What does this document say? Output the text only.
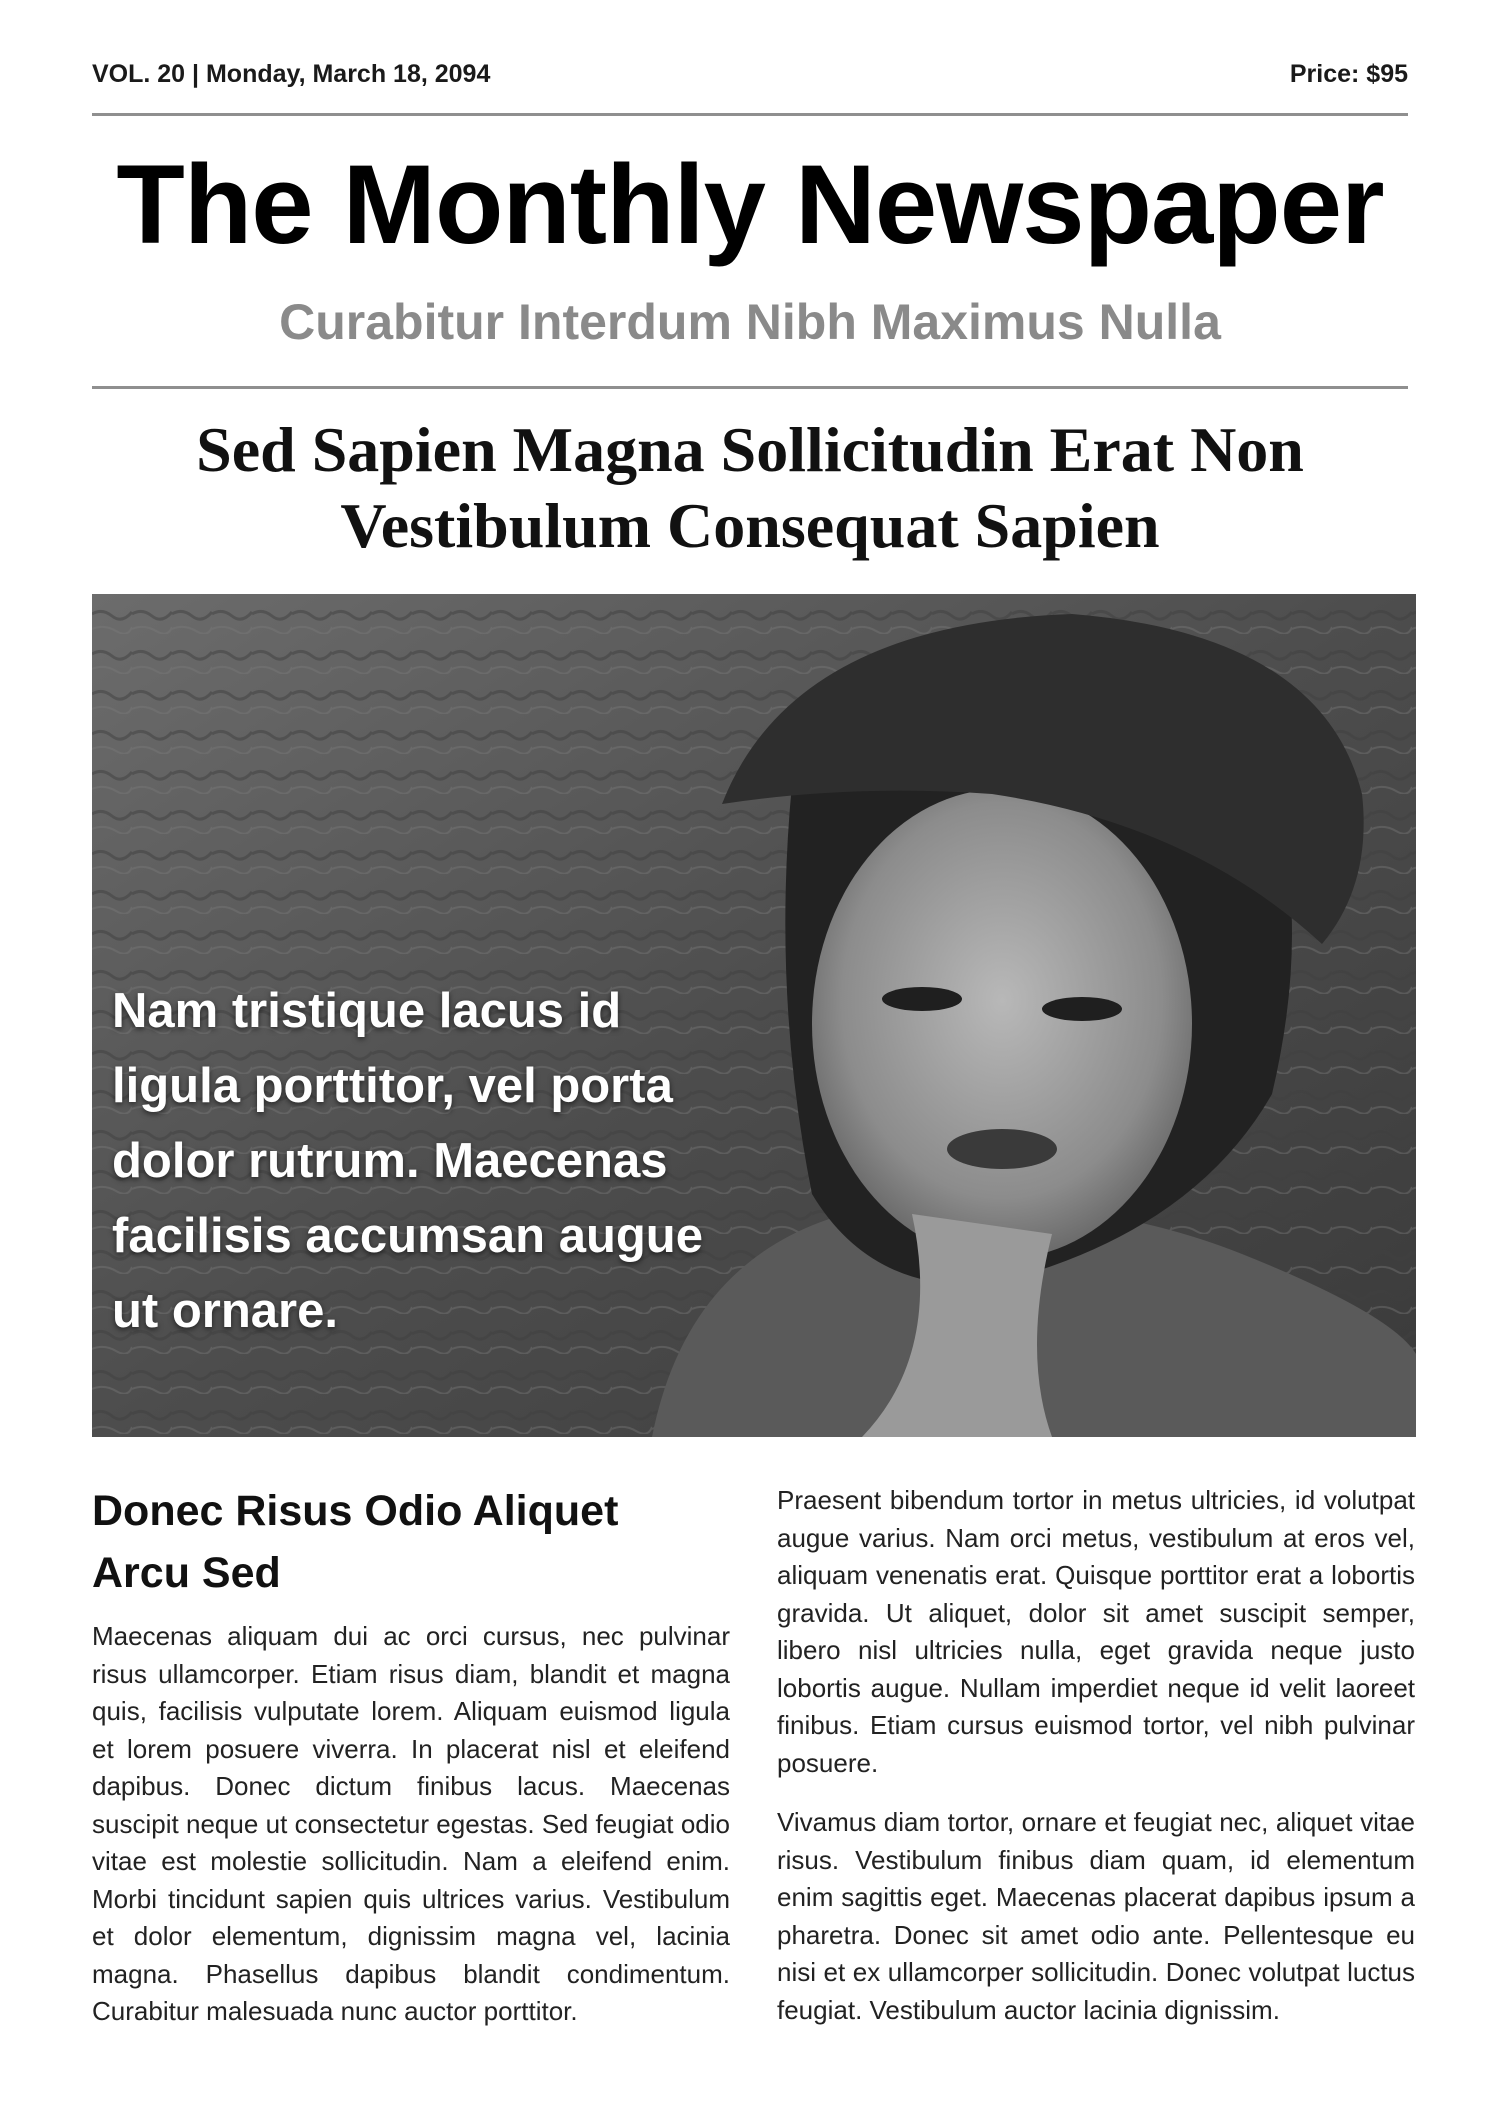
VOL. 20 | Monday, March 18, 2094	Price: $95
The Monthly Newspaper
Curabitur Interdum Nibh Maximus Nulla
Sed Sapien Magna Sollicitudin Erat Non Vestibulum Consequat Sapien
Nam tristique lacus id ligula porttitor, vel porta dolor rutrum. Maecenas facilisis accumsan augue ut ornare.
Donec Risus Odio Aliquet Arcu Sed

Maecenas aliquam dui ac orci cursus, nec pulvinar risus ullamcorper. Etiam risus diam, blandit et magna quis, facilisis vulputate lorem. Aliquam euismod ligula et lorem posuere viverra. In placerat nisl et eleifend dapibus. Donec dictum finibus lacus. Maecenas suscipit neque ut consectetur egestas. Sed feugiat odio vitae est molestie sollicitudin. Nam a eleifend enim. Morbi tincidunt sapien quis ultrices varius. Vestibulum et dolor elementum, dignissim magna vel, lacinia magna. Phasellus dapibus blandit condimentum. Curabitur malesuada nunc auctor porttitor.

Praesent bibendum tortor in metus ultricies, id volutpat augue varius. Nam orci metus, vestibulum at eros vel, aliquam venenatis erat. Quisque porttitor erat a lobortis gravida. Ut aliquet, dolor sit amet suscipit semper, libero nisl ultricies nulla, eget gravida neque justo lobortis augue. Nullam imperdiet neque id velit laoreet finibus. Etiam cursus euismod tortor, vel nibh pulvinar posuere.

Vivamus diam tortor, ornare et feugiat nec, aliquet vitae risus. Vestibulum finibus diam quam, id elementum enim sagittis eget. Maecenas placerat dapibus ipsum a pharetra. Donec sit amet odio ante. Pellentesque eu nisi et ex ullamcorper sollicitudin. Donec volutpat luctus feugiat. Vestibulum auctor lacinia dignissim.
